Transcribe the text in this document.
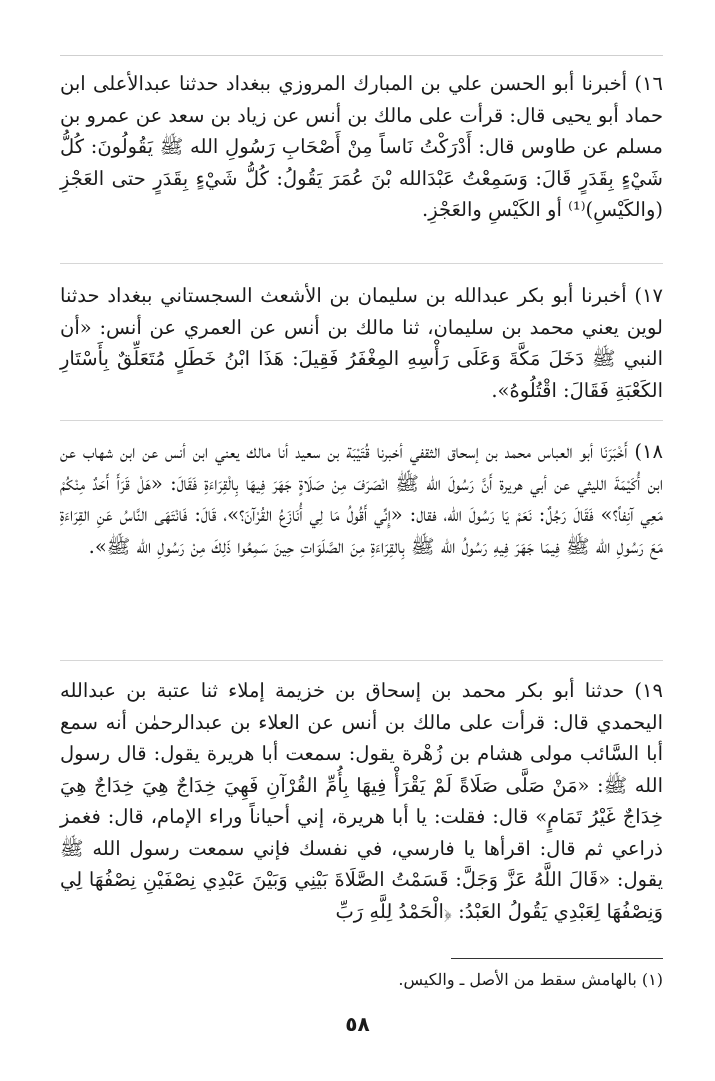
١٦) أخبرنا أبو الحسن علي بن المبارك المروزي ببغداد حدثنا عبدالأعلى ابن حماد أبو يحيى قال: قرأت على مالك بن أنس عن زياد بن سعد عن عمرو بن مسلم عن طاوس قال: أَدْرَكْتُ نَاساً مِنْ أَصْحَابِ رَسُولِ الله ﷺ يَقُولُونَ: كُلُّ شَيْءٍ بِقَدَرٍ قَالَ: وَسَمِعْتُ عَبْدَالله بْنَ عُمَرَ يَقُولُ: كُلُّ شَيْءٍ بِقَدَرٍ حتى العَجْزِ (والكَيْسِ)⁽¹⁾ أو الكَيْسِ والعَجْزِ.
١٧) أخبرنا أبو بكر عبدالله بن سليمان بن الأشعث السجستاني ببغداد حدثنا لوين يعني محمد بن سليمان، ثنا مالك بن أنس عن العمري عن أنس: «أن النبي ﷺ دَخَلَ مَكَّةَ وَعَلَى رَأْسِهِ المِغْفَرُ فَقِيلَ: هَذَا ابْنُ خَطَلٍ مُتَعَلِّقٌ بِأَسْتَارِ الكَعْبَةِ فَقَالَ: اقْتُلُوهُ».
١٨) أَخْبَرَنَا أبو العباس محمد بن إسحاق الثقفي أخبرنا قُتَيْبَة بن سعيد أنا مالك يعني ابن أنس عن ابن شهاب عن ابن أُكَيْمَةَ الليثي عن أبي هريرة أَنَّ رَسُولَ الله ﷺ انْصَرَفَ مِنْ صَلَاةٍ جَهَرَ فِيهَا بِالْقِرَاءَةِ فَقَالَ: «هَلْ قَرَأَ أَحَدٌ مِنْكُمْ مَعِي آنِفاً؟» فَقَالَ رَجُلٌ: نَعَمْ يَا رَسُولَ الله، فقال: «إِنِّي أَقُولُ مَا لِي أُنَازَعُ القُرْآنَ؟»، قَالَ: فَانْتَهَى النَّاسُ عَنِ القِرَاءَةِ مَعَ رَسُولِ الله ﷺ فِيمَا جَهَرَ فِيهِ رَسُولُ الله ﷺ بِالقِرَاءَةِ مِنَ الصَّلَوَاتِ حِينَ سَمِعُوا ذَلِكَ مِنْ رَسُولِ الله ﷺ».
١٩) حدثنا أبو بكر محمد بن إسحاق بن خزيمة إملاء ثنا عتبة بن عبدالله اليحمدي قال: قرأت على مالك بن أنس عن العلاء بن عبدالرحمٰن أنه سمع أبا السَّائب مولى هشام بن زُهْرة يقول: سمعت أبا هريرة يقول: قال رسول الله ﷺ: «مَنْ صَلَّى صَلَاةً لَمْ يَقْرَأْ فِيهَا بِأُمِّ القُرْآنِ فَهِيَ خِدَاجٌ هِيَ خِدَاجٌ هِيَ خِدَاجٌ غَيْرُ تَمَامٍ» قال: فقلت: يا أبا هريرة، إني أحياناً وراء الإمام، قال: فغمز ذراعي ثم قال: اقرأها يا فارسي، في نفسك فإني سمعت رسول الله ﷺ يقول: «قَالَ اللَّهُ عَزَّ وَجَلَّ: قَسَمْتُ الصَّلَاةَ بَيْنِي وَبَيْنَ عَبْدِي نِصْفَيْنِ نِصْفُهَا لِي وَنِصْفُهَا لِعَبْدِي يَقُولُ العَبْدُ: ﴿الْحَمْدُ لِلَّهِ رَبِّ
(١) بالهامش سقط من الأصل ـ والكيس.
٥٨
